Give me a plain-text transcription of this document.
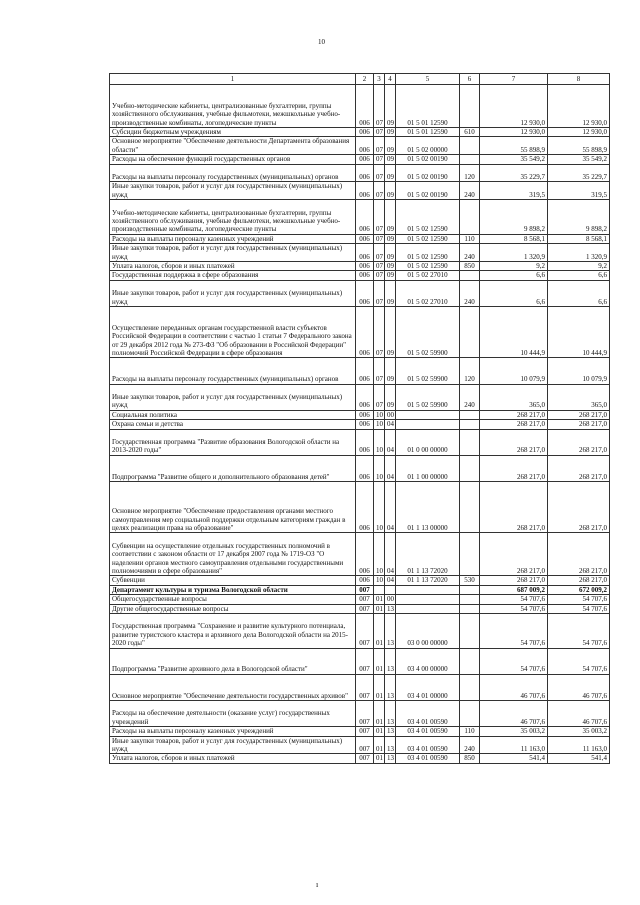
10
1	2	3	4	5	6	7	8
Учебно-методические кабинеты, централизованные бухгалтерии, группы хозяйственного обслуживания, учебные фильмотеки, межшкольные учебно-производственные комбинаты, логопедические пункты	006	07	09	01 5 01 12590		12 930,0	12 930,0
Субсидии бюджетным учреждениям	006	07	09	01 5 01 12590	610	12 930,0	12 930,0
Основное мероприятие "Обеспечение деятельности Департамента образования области"	006	07	09	01 5 02 00000		55 898,9	55 898,9
Расходы на обеспечение функций государственных органов	006	07	09	01 5 02 00190		35 549,2	35 549,2
Расходы на выплаты персоналу государственных (муниципальных) органов	006	07	09	01 5 02 00190	120	35 229,7	35 229,7
Иные закупки товаров, работ и услуг для государственных (муниципальных) нужд	006	07	09	01 5 02 00190	240	319,5	319,5
Учебно-методические кабинеты, централизованные бухгалтерии, группы хозяйственного обслуживания, учебные фильмотеки, межшкольные учебно-производственные комбинаты, логопедические пункты	006	07	09	01 5 02 12590		9 898,2	9 898,2
Расходы на выплаты персоналу казенных учреждений	006	07	09	01 5 02 12590	110	8 568,1	8 568,1
Иные закупки товаров, работ и услуг для государственных (муниципальных) нужд	006	07	09	01 5 02 12590	240	1 320,9	1 320,9
Уплата налогов, сборов и иных платежей	006	07	09	01 5 02 12590	850	9,2	9,2
Государственная поддержка в сфере образования	006	07	09	01 5 02 27010		6,6	6,6
Иные закупки товаров, работ и услуг для государственных (муниципальных) нужд	006	07	09	01 5 02 27010	240	6,6	6,6
Осуществление переданных органам государственной власти субъектов Российской Федерации в соответствии с частью 1 статьи 7 Федерального закона от 29 декабря 2012 года № 273-ФЗ "Об образовании в Российской Федерации" полномочий Российской Федерации в сфере образования	006	07	09	01 5 02 59900		10 444,9	10 444,9
Расходы на выплаты персоналу государственных (муниципальных) органов	006	07	09	01 5 02 59900	120	10 079,9	10 079,9
Иные закупки товаров, работ и услуг для государственных (муниципальных) нужд	006	07	09	01 5 02 59900	240	365,0	365,0
Социальная политика	006	10	00			268 217,0	268 217,0
Охрана семьи и детства	006	10	04			268 217,0	268 217,0
Государственная программа "Развитие образования Вологодской области на 2013-2020 годы"	006	10	04	01 0 00 00000		268 217,0	268 217,0
Подпрограмма "Развитие общего и дополнительного образования детей"	006	10	04	01 1 00 00000		268 217,0	268 217,0
Основное мероприятие "Обеспечение предоставления органами местного самоуправления мер социальной поддержки отдельным категориям граждан в целях реализации права на образование"	006	10	04	01 1 13 00000		268 217,0	268 217,0
Субвенции на осуществление отдельных государственных полномочий в соответствии с законом области от 17 декабря 2007 года № 1719-ОЗ "О наделении органов местного самоуправления отдельными государственными полномочиями в сфере образования"	006	10	04	01 1 13 72020		268 217,0	268 217,0
Субвенции	006	10	04	01 1 13 72020	530	268 217,0	268 217,0
Департамент культуры и туризма Вологодской области	007					687 009,2	672 009,2
Общегосударственные вопросы	007	01	00			54 707,6	54 707,6
Другие общегосударственные вопросы	007	01	13			54 707,6	54 707,6
Государственная программа "Сохранение и развитие культурного потенциала, развитие туристского кластера и архивного дела Вологодской области на 2015-2020 годы"	007	01	13	03 0 00 00000		54 707,6	54 707,6
Подпрограмма "Развитие архивного дела в Вологодской области"	007	01	13	03 4 00 00000		54 707,6	54 707,6
Основное мероприятие "Обеспечение деятельности государственных архивов"	007	01	13	03 4 01 00000		46 707,6	46 707,6
Расходы на обеспечение деятельности (оказание услуг) государственных учреждений	007	01	13	03 4 01 00590		46 707,6	46 707,6
Расходы на выплаты персоналу казенных учреждений	007	01	13	03 4 01 00590	110	35 003,2	35 003,2
Иные закупки товаров, работ и услуг для государственных (муниципальных) нужд	007	01	13	03 4 01 00590	240	11 163,0	11 163,0
Уплата налогов, сборов и иных платежей	007	01	13	03 4 01 00590	850	541,4	541,4
ı
